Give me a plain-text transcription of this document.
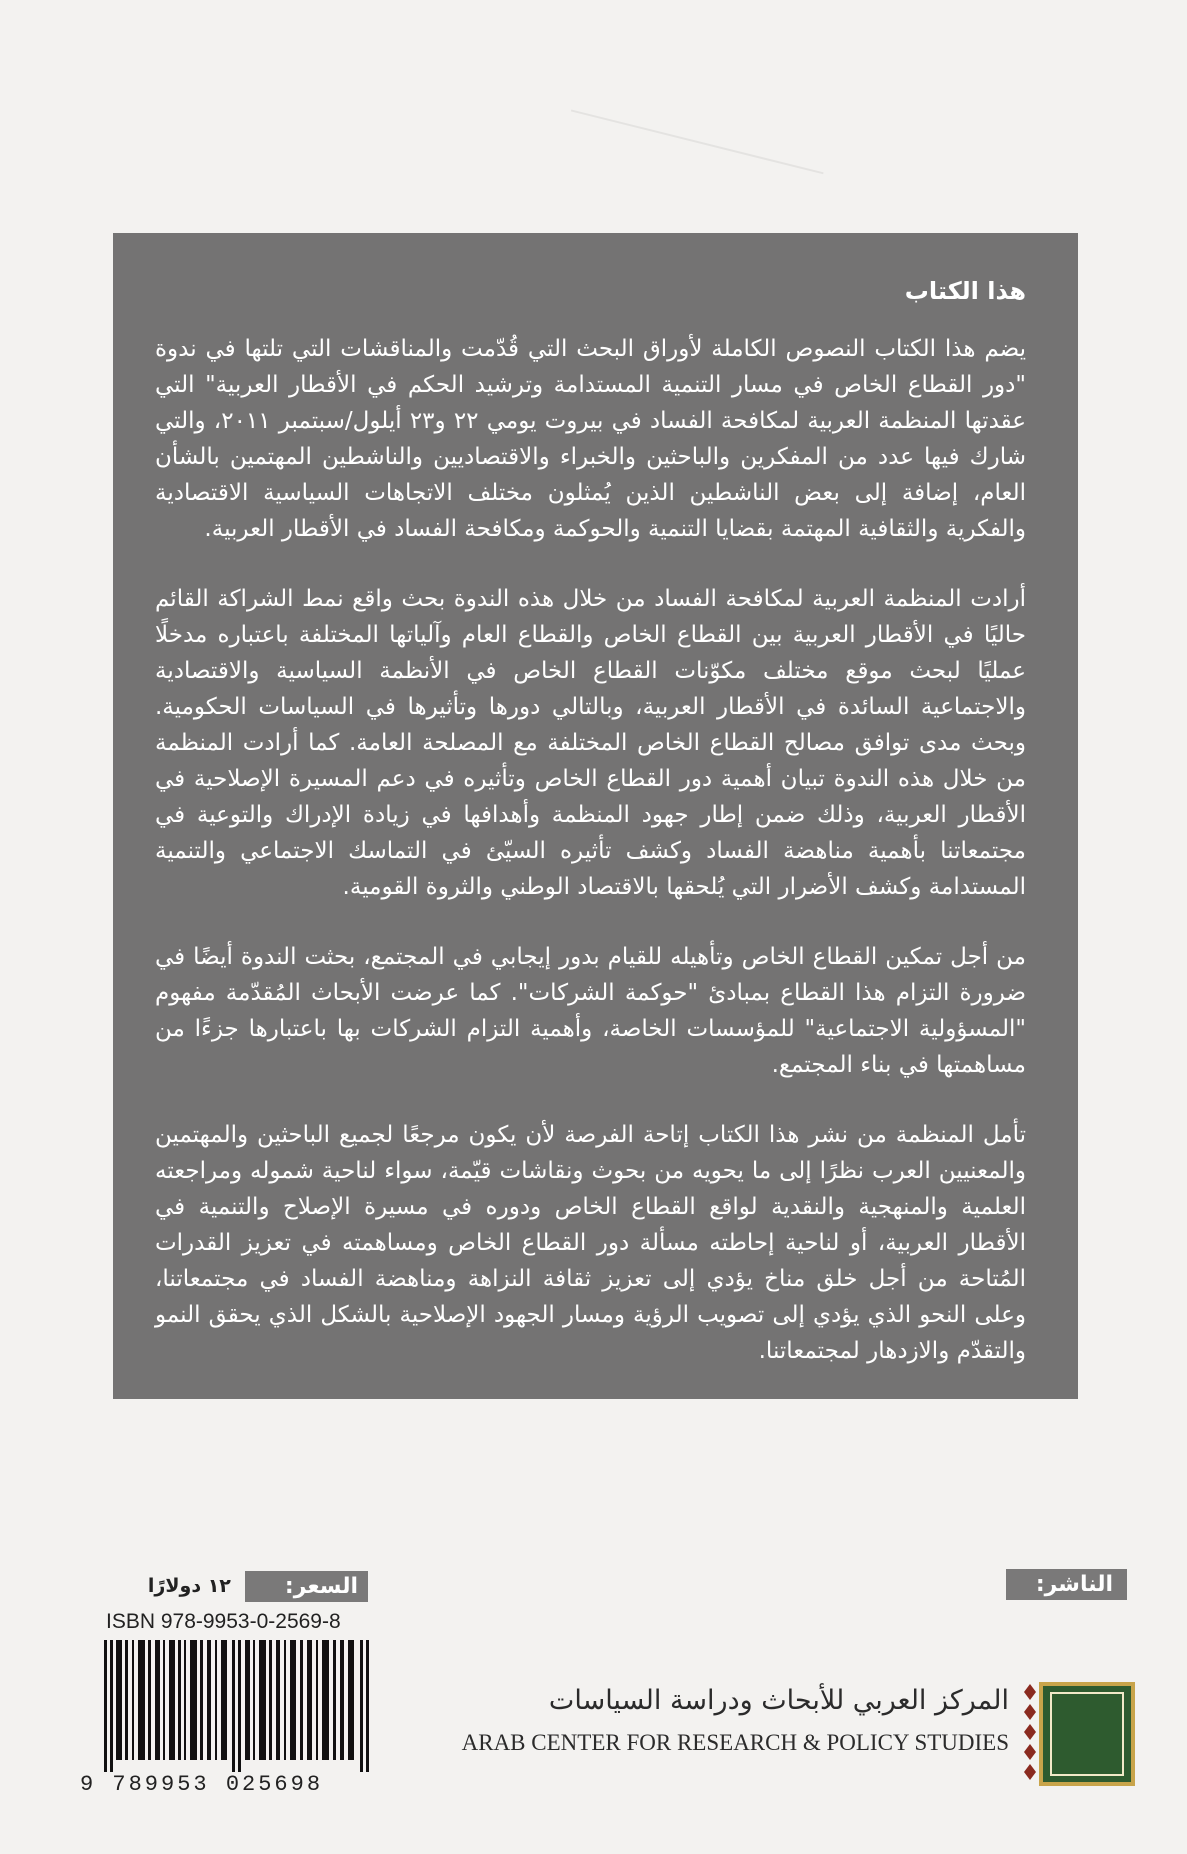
هذا الكتاب

يضم هذا الكتاب النصوص الكاملة لأوراق البحث التي قُدّمت والمناقشات التي تلتها في ندوة "دور القطاع الخاص في مسار التنمية المستدامة وترشيد الحكم في الأقطار العربية" التي عقدتها المنظمة العربية لمكافحة الفساد في بيروت يومي ٢٢ و٢٣ أيلول/سبتمبر ٢٠١١، والتي شارك فيها عدد من المفكرين والباحثين والخبراء والاقتصاديين والناشطين المهتمين بالشأن العام، إضافة إلى بعض الناشطين الذين يُمثلون مختلف الاتجاهات السياسية الاقتصادية والفكرية والثقافية المهتمة بقضايا التنمية والحوكمة ومكافحة الفساد في الأقطار العربية.

أرادت المنظمة العربية لمكافحة الفساد من خلال هذه الندوة بحث واقع نمط الشراكة القائم حاليًا في الأقطار العربية بين القطاع الخاص والقطاع العام وآلياتها المختلفة باعتباره مدخلًا عمليًا لبحث موقع مختلف مكوّنات القطاع الخاص في الأنظمة السياسية والاقتصادية والاجتماعية السائدة في الأقطار العربية، وبالتالي دورها وتأثيرها في السياسات الحكومية. وبحث مدى توافق مصالح القطاع الخاص المختلفة مع المصلحة العامة. كما أرادت المنظمة من خلال هذه الندوة تبيان أهمية دور القطاع الخاص وتأثيره في دعم المسيرة الإصلاحية في الأقطار العربية، وذلك ضمن إطار جهود المنظمة وأهدافها في زيادة الإدراك والتوعية في مجتمعاتنا بأهمية مناهضة الفساد وكشف تأثيره السيّئ في التماسك الاجتماعي والتنمية المستدامة وكشف الأضرار التي يُلحقها بالاقتصاد الوطني والثروة القومية.

من أجل تمكين القطاع الخاص وتأهيله للقيام بدور إيجابي في المجتمع، بحثت الندوة أيضًا في ضرورة التزام هذا القطاع بمبادئ "حوكمة الشركات". كما عرضت الأبحاث المُقدّمة مفهوم "المسؤولية الاجتماعية" للمؤسسات الخاصة، وأهمية التزام الشركات بها باعتبارها جزءًا من مساهمتها في بناء المجتمع.

تأمل المنظمة من نشر هذا الكتاب إتاحة الفرصة لأن يكون مرجعًا لجميع الباحثين والمهتمين والمعنيين العرب نظرًا إلى ما يحويه من بحوث ونقاشات قيّمة، سواء لناحية شموله ومراجعته العلمية والمنهجية والنقدية لواقع القطاع الخاص ودوره في مسيرة الإصلاح والتنمية في الأقطار العربية، أو لناحية إحاطته مسألة دور القطاع الخاص ومساهمته في تعزيز القدرات المُتاحة من أجل خلق مناخ يؤدي إلى تعزيز ثقافة النزاهة ومناهضة الفساد في مجتمعاتنا، وعلى النحو الذي يؤدي إلى تصويب الرؤية ومسار الجهود الإصلاحية بالشكل الذي يحقق النمو والتقدّم والازدهار لمجتمعاتنا.

الناشر:
السعر:
١٢ دولارًا
ISBN 978-9953-0-2569-8
9 789953 025698
المركز العربي للأبحاث ودراسة السياسات
ARAB CENTER FOR RESEARCH & POLICY STUDIES
